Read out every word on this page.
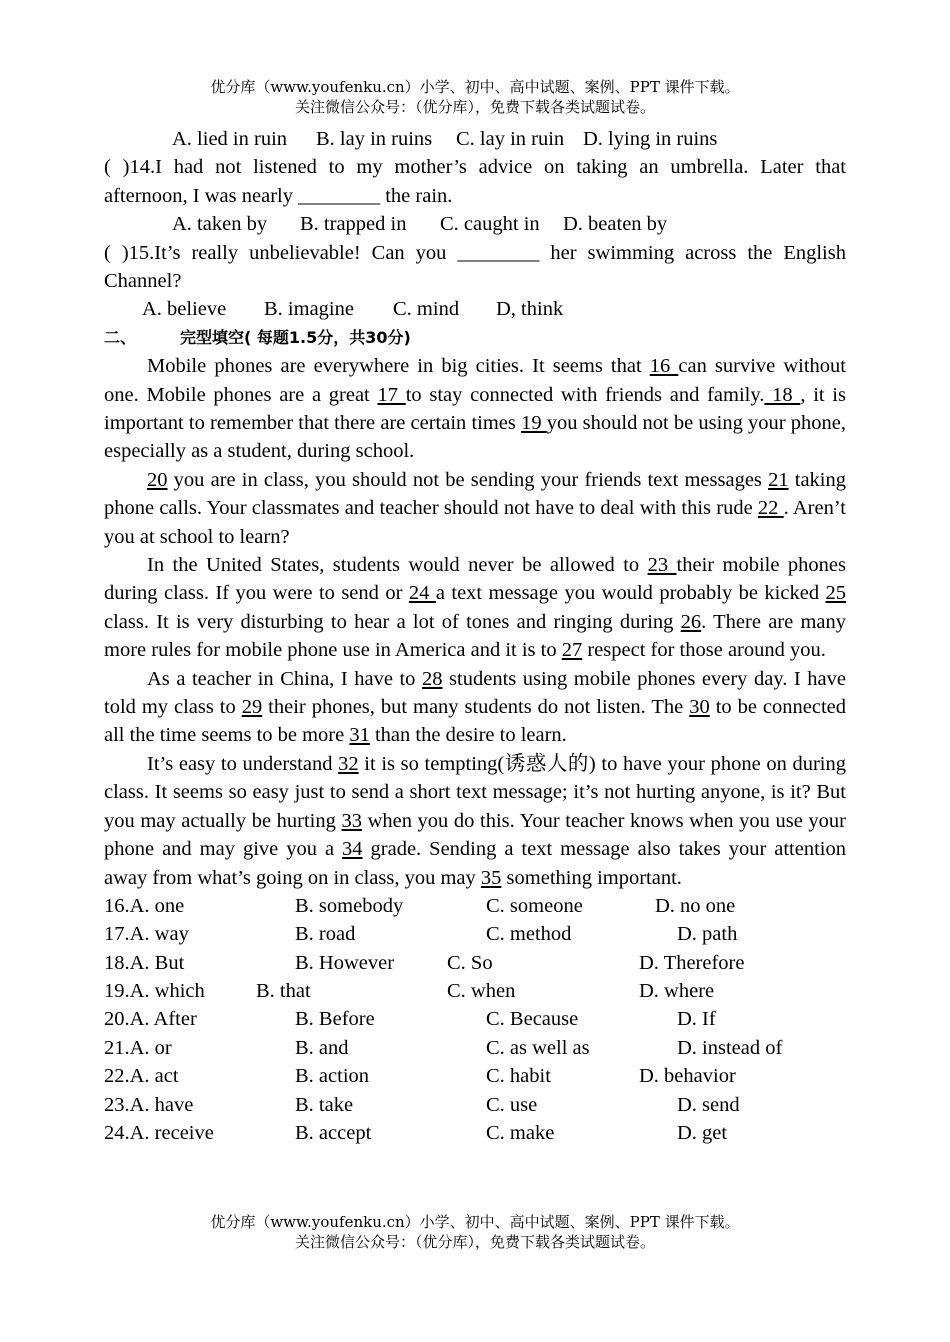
优分库（www.youfenku.cn）小学、初中、高中试题、案例、PPT 课件下载。
关注微信公众号：（优分库），免费下载各类试题试卷。
A. lied in ruin B. lay in ruins C. lay in ruin D. lying in ruins
( )14.I had not listened to my mother’s advice on taking an umbrella. Later that
afternoon, I was nearly ________ the rain.
A. taken by B. trapped in C. caught in D. beaten by
( )15.It’s really unbelievable! Can you ________ her swimming across the English
Channel?
A. believe B. imagine C. mind D, think
二、	完型填空( 每题1.5分，共30分)
Mobile phones are everywhere in big cities. It seems that 16 can survive without one. Mobile phones are a great 17 to stay connected with friends and family. 18 , it is important to remember that there are certain times 19 you should not be using your phone, especially as a student, during school.
20 you are in class, you should not be sending your friends text messages 21 taking phone calls. Your classmates and teacher should not have to deal with this rude 22 . Aren’t you at school to learn?
In the United States, students would never be allowed to 23 their mobile phones during class. If you were to send or 24 a text message you would probably be kicked 25 class. It is very disturbing to hear a lot of tones and ringing during 26. There are many more rules for mobile phone use in America and it is to 27 respect for those around you.
As a teacher in China, I have to 28 students using mobile phones every day. I have told my class to 29 their phones, but many students do not listen. The 30 to be connected all the time seems to be more 31 than the desire to learn.
It’s easy to understand 32 it is so tempting(诱惑人的) to have your phone on during class. It seems so easy just to send a short text message; it’s not hurting anyone, is it? But you may actually be hurting 33 when you do this. Your teacher knows when you use your phone and may give you a 34 grade. Sending a text message also takes your attention away from what’s going on in class, you may 35 something important.
16.A. one	B. somebody	C. someone	D. no one
17.A. way	B. road	C. method	D. path
18.A. But	B. However	C. So	D. Therefore
19.A. which B. that	C. when	D. where
20.A. After	B. Before	C. Because	D. If
21.A. or	B. and	C. as well as	D. instead of
22.A. act	B. action	C. habit	D. behavior
23.A. have	B. take	C. use	D. send
24.A. receive	B. accept	C. make	D. get
优分库（www.youfenku.cn）小学、初中、高中试题、案例、PPT 课件下载。
关注微信公众号：（优分库），免费下载各类试题试卷。
